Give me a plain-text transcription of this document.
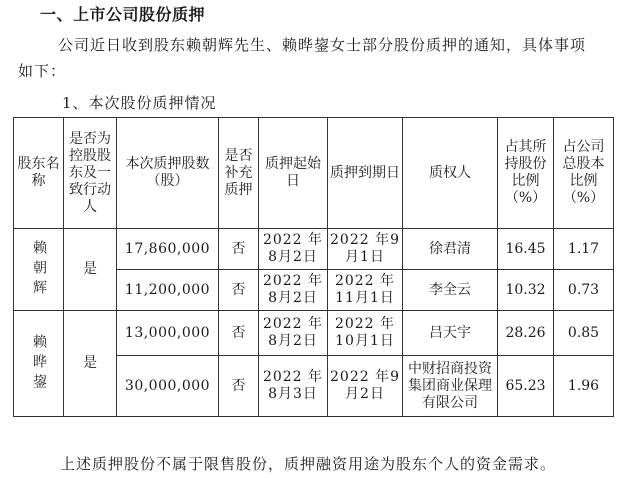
一、上市公司股份质押
公司近日收到股东赖朝辉先生、赖晔鋆女士部分股份质押的通知，具体事项
如下：
1、本次股份质押情况
股东名称	是否为控股股东及一致行动人	本次质押股数（股）	是否补充质押	质押起始日	质押到期日	质权人	占其所持股份比例（%）	占公司总股本比例（%）

赖朝辉	是	17,860,000	否	2022 年 8月2日	2022 年9月1日	徐君清	16.45	1.17
		11,200,000	否	2022 年 8月2日	2022 年 11月1日	李全云	10.32	0.73

赖晔鋆	是	13,000,000	否	2022 年 8月2日	2022 年 10月1日	吕天宇	28.26	0.85
		30,000,000	否	2022 年 8月3日	2022 年9月2日	中财招商投资集团商业保理有限公司	65.23	1.96
上述质押股份不属于限售股份，质押融资用途为股东个人的资金需求。
